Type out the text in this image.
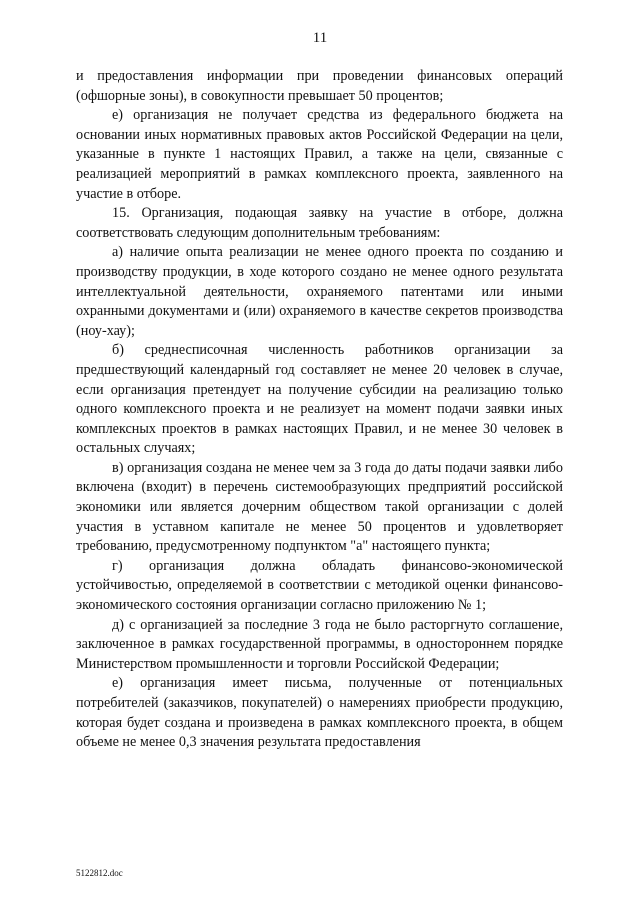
11

и предоставления информации при проведении финансовых операций (офшорные зоны), в совокупности превышает 50 процентов;

е) организация не получает средства из федерального бюджета на основании иных нормативных правовых актов Российской Федерации на цели, указанные в пункте 1 настоящих Правил, а также на цели, связанные с реализацией мероприятий в рамках комплексного проекта, заявленного на участие в отборе.

15. Организация, подающая заявку на участие в отборе, должна соответствовать следующим дополнительным требованиям:

а) наличие опыта реализации не менее одного проекта по созданию и производству продукции, в ходе которого создано не менее одного результата интеллектуальной деятельности, охраняемого патентами или иными охранными документами и (или) охраняемого в качестве секретов производства (ноу-хау);

б) среднесписочная численность работников организации за предшествующий календарный год составляет не менее 20 человек в случае, если организация претендует на получение субсидии на реализацию только одного комплексного проекта и не реализует на момент подачи заявки иных комплексных проектов в рамках настоящих Правил, и не менее 30 человек в остальных случаях;

в) организация создана не менее чем за 3 года до даты подачи заявки либо включена (входит) в перечень системообразующих предприятий российской экономики или является дочерним обществом такой организации с долей участия в уставном капитале не менее 50 процентов и удовлетворяет требованию, предусмотренному подпунктом "а" настоящего пункта;

г) организация должна обладать финансово-экономической устойчивостью, определяемой в соответствии с методикой оценки финансово-экономического состояния организации согласно приложению № 1;

д) с организацией за последние 3 года не было расторгнуто соглашение, заключенное в рамках государственной программы, в одностороннем порядке Министерством промышленности и торговли Российской Федерации;

е) организация имеет письма, полученные от потенциальных потребителей (заказчиков, покупателей) о намерениях приобрести продукцию, которая будет создана и произведена в рамках комплексного проекта, в общем объеме не менее 0,3 значения результата предоставления

5122812.doc
